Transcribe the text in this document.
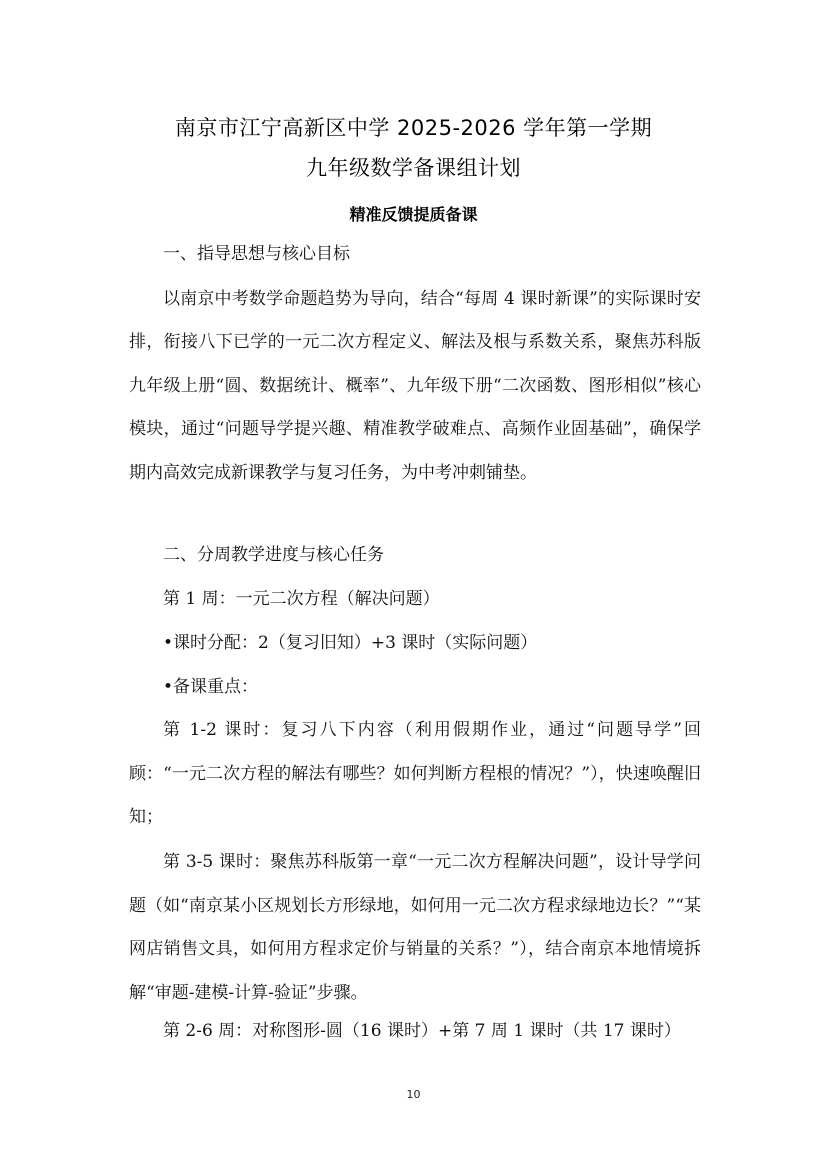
南京市江宁高新区中学 2025-2026 学年第一学期
九年级数学备课组计划
精准反馈提质备课
一、指导思想与核心目标
以南京中考数学命题趋势为导向，结合“每周 4 课时新课”的实际课时安排，衔接八下已学的一元二次方程定义、解法及根与系数关系，聚焦苏科版九年级上册“圆、数据统计、概率”、九年级下册“二次函数、图形相似”核心模块，通过“问题导学提兴趣、精准教学破难点、高频作业固基础”，确保学期内高效完成新课教学与复习任务，为中考冲刺铺垫。
二、分周教学进度与核心任务
第 1 周：一元二次方程（解决问题）
•课时分配：2（复习旧知）+3 课时（实际问题）
•备课重点：
第 1-2 课时：复习八下内容（利用假期作业，通过“问题导学”回顾：“一元二次方程的解法有哪些？如何判断方程根的情况？”），快速唤醒旧知；
第 3-5 课时：聚焦苏科版第一章“一元二次方程解决问题”，设计导学问题（如“南京某小区规划长方形绿地，如何用一元二次方程求绿地边长？”“某网店销售文具，如何用方程求定价与销量的关系？”），结合南京本地情境拆解“审题-建模-计算-验证”步骤。
第 2-6 周：对称图形-圆（16 课时）+第 7 周 1 课时（共 17 课时）
10
